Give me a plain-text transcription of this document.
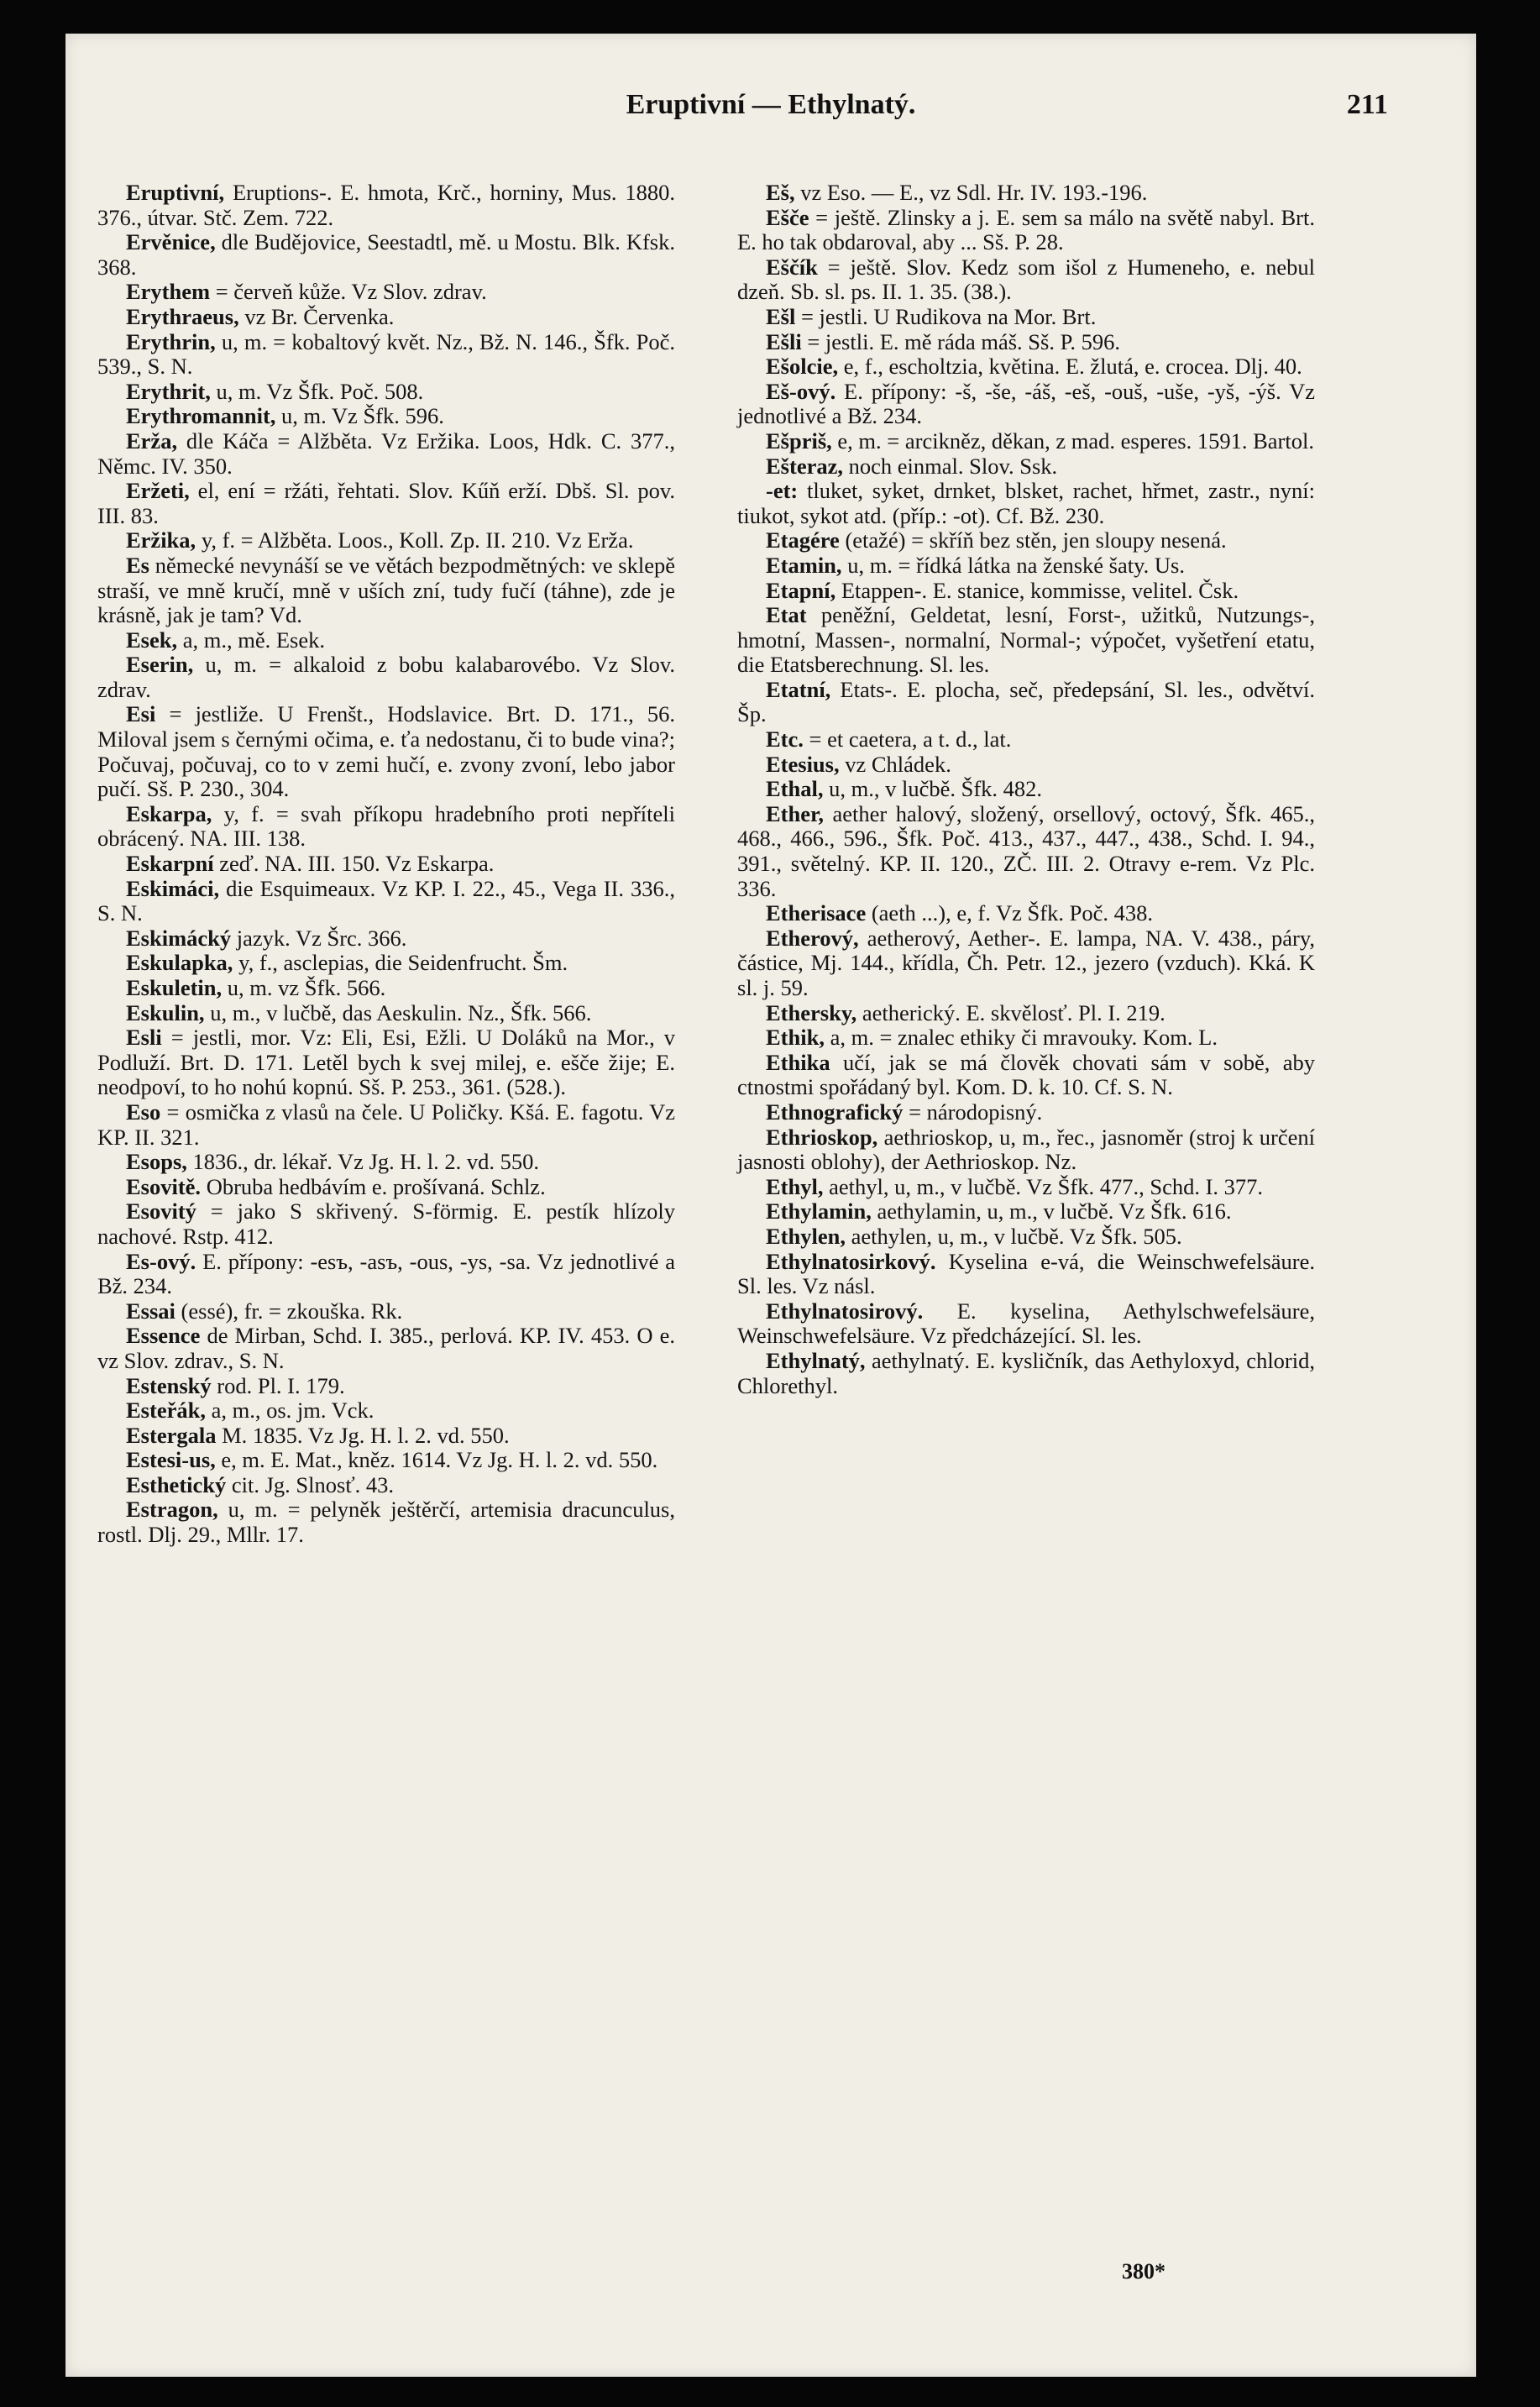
Eruptivní — Ethylnatý.	211

Eruptivní, Eruptions-. E. hmota, Krč., horniny, Mus. 1880. 376., útvar. Stč. Zem. 722.

Ervěnice, dle Budějovice, Seestadtl, mě. u Mostu. Blk. Kfsk. 368.

Erythem = červeň kůže. Vz Slov. zdrav.

Erythraeus, vz Br. Červenka.

Erythrin, u, m. = kobaltový květ. Nz., Bž. N. 146., Šfk. Poč. 539., S. N.

Erythrit, u, m. Vz Šfk. Poč. 508.

Erythromannit, u, m. Vz Šfk. 596.

Erža, dle Káča = Alžběta. Vz Eržika. Loos, Hdk. C. 377., Němc. IV. 350.

Eržeti, el, ení = ržáti, řehtati. Slov. Kűň erží. Dbš. Sl. pov. III. 83.

Eržika, y, f. = Alžběta. Loos., Koll. Zp. II. 210. Vz Erža.

Es německé nevynáší se ve větách bezpodmětných: ve sklepě straší, ve mně kručí, mně v uších zní, tudy fučí (táhne), zde je krásně, jak je tam? Vd.

Esek, a, m., mě. Esek.

Eserin, u, m. = alkaloid z bobu kalabarovébo. Vz Slov. zdrav.

Esi = jestliže. U Frenšt., Hodslavice. Brt. D. 171., 56. Miloval jsem s černými očima, e. ťa nedostanu, či to bude vina?; Počuvaj, počuvaj, co to v zemi hučí, e. zvony zvoní, lebo jabor pučí. Sš. P. 230., 304.

Eskarpa, y, f. = svah příkopu hradebního proti nepříteli obrácený. NA. III. 138.

Eskarpní zeď. NA. III. 150. Vz Eskarpa.

Eskimáci, die Esquimeaux. Vz KP. I. 22., 45., Vega II. 336., S. N.

Eskimácký jazyk. Vz Šrc. 366.

Eskulapka, y, f., asclepias, die Seidenfrucht. Šm.

Eskuletin, u, m. vz Šfk. 566.

Eskulin, u, m., v lučbě, das Aeskulin. Nz., Šfk. 566.

Esli = jestli, mor. Vz: Eli, Esi, Ežli. U Doláků na Mor., v Podluží. Brt. D. 171. Letěl bych k svej milej, e. ešče žije; E. neodpoví, to ho nohú kopnú. Sš. P. 253., 361. (528.).

Eso = osmička z vlasů na čele. U Poličky. Kšá. E. fagotu. Vz KP. II. 321.

Esops, 1836., dr. lékař. Vz Jg. H. l. 2. vd. 550.

Esovitě. Obruba hedbávím e. prošívaná. Schlz.

Esovitý = jako S skřivený. S-förmig. E. pestík hlízoly nachové. Rstp. 412.

Es-ový. E. přípony: -esъ, -asъ, -ous, -ys, -sa. Vz jednotlivé a Bž. 234.

Essai (essé), fr. = zkouška. Rk.

Essence de Mirban, Schd. I. 385., perlová. KP. IV. 453. O e. vz Slov. zdrav., S. N.

Estenský rod. Pl. I. 179.

Esteřák, a, m., os. jm. Vck.

Estergala M. 1835. Vz Jg. H. l. 2. vd. 550.

Estesi-us, e, m. E. Mat., kněz. 1614. Vz Jg. H. l. 2. vd. 550.

Esthetický cit. Jg. Slnosť. 43.

Estragon, u, m. = pelyněk ještěrčí, artemisia dracunculus, rostl. Dlj. 29., Mllr. 17.

Eš, vz Eso. — E., vz Sdl. Hr. IV. 193.-196.

Ešče = ještě. Zlinsky a j. E. sem sa málo na světě nabyl. Brt. E. ho tak obdaroval, aby ... Sš. P. 28.

Eščík = ještě. Slov. Kedz som išol z Humeneho, e. nebul dzeň. Sb. sl. ps. II. 1. 35. (38.).

Ešl = jestli. U Rudikova na Mor. Brt.

Ešli = jestli. E. mě ráda máš. Sš. P. 596.

Ešolcie, e, f., escholtzia, květina. E. žlutá, e. crocea. Dlj. 40.

Eš-ový. E. přípony: -š, -še, -áš, -eš, -ouš, -uše, -yš, -ýš. Vz jednotlivé a Bž. 234.

Ešpriš, e, m. = arcikněz, děkan, z mad. esperes. 1591. Bartol.

Ešteraz, noch einmal. Slov. Ssk.

-et: tluket, syket, drnket, blsket, rachet, hřmet, zastr., nyní: tiukot, sykot atd. (příp.: -ot). Cf. Bž. 230.

Etagére (etažé) = skříň bez stěn, jen sloupy nesená.

Etamin, u, m. = řídká látka na ženské šaty. Us.

Etapní, Etappen-. E. stanice, kommisse, velitel. Čsk.

Etat peněžní, Geldetat, lesní, Forst-, užitků, Nutzungs-, hmotní, Massen-, normalní, Normal-; výpočet, vyšetření etatu, die Etatsberechnung. Sl. les.

Etatní, Etats-. E. plocha, seč, předepsání, Sl. les., odvětví. Šp.

Etc. = et caetera, a t. d., lat.

Etesius, vz Chládek.

Ethal, u, m., v lučbě. Šfk. 482.

Ether, aether halový, složený, orsellový, octový, Šfk. 465., 468., 466., 596., Šfk. Poč. 413., 437., 447., 438., Schd. I. 94., 391., světelný. KP. II. 120., ZČ. III. 2. Otravy e-rem. Vz Plc. 336.

Etherisace (aeth ...), e, f. Vz Šfk. Poč. 438.

Etherový, aetherový, Aether-. E. lampa, NA. V. 438., páry, částice, Mj. 144., křídla, Čh. Petr. 12., jezero (vzduch). Kká. K sl. j. 59.

Ethersky, aetherický. E. skvělosť. Pl. I. 219.

Ethik, a, m. = znalec ethiky či mravouky. Kom. L.

Ethika učí, jak se má člověk chovati sám v sobě, aby ctnostmi spořádaný byl. Kom. D. k. 10. Cf. S. N.

Ethnografický = národopisný.

Ethrioskop, aethrioskop, u, m., řec., jasnoměr (stroj k určení jasnosti oblohy), der Aethrioskop. Nz.

Ethyl, aethyl, u, m., v lučbě. Vz Šfk. 477., Schd. I. 377.

Ethylamin, aethylamin, u, m., v lučbě. Vz Šfk. 616.

Ethylen, aethylen, u, m., v lučbě. Vz Šfk. 505.

Ethylnatosirkový. Kyselina e-vá, die Weinschwefelsäure. Sl. les. Vz násl.

Ethylnatosirový. E. kyselina, Aethylschwefelsäure, Weinschwefelsäure. Vz předcházející. Sl. les.

Ethylnatý, aethylnatý. E. kysličník, das Aethyloxyd, chlorid, Chlorethyl.

380*
